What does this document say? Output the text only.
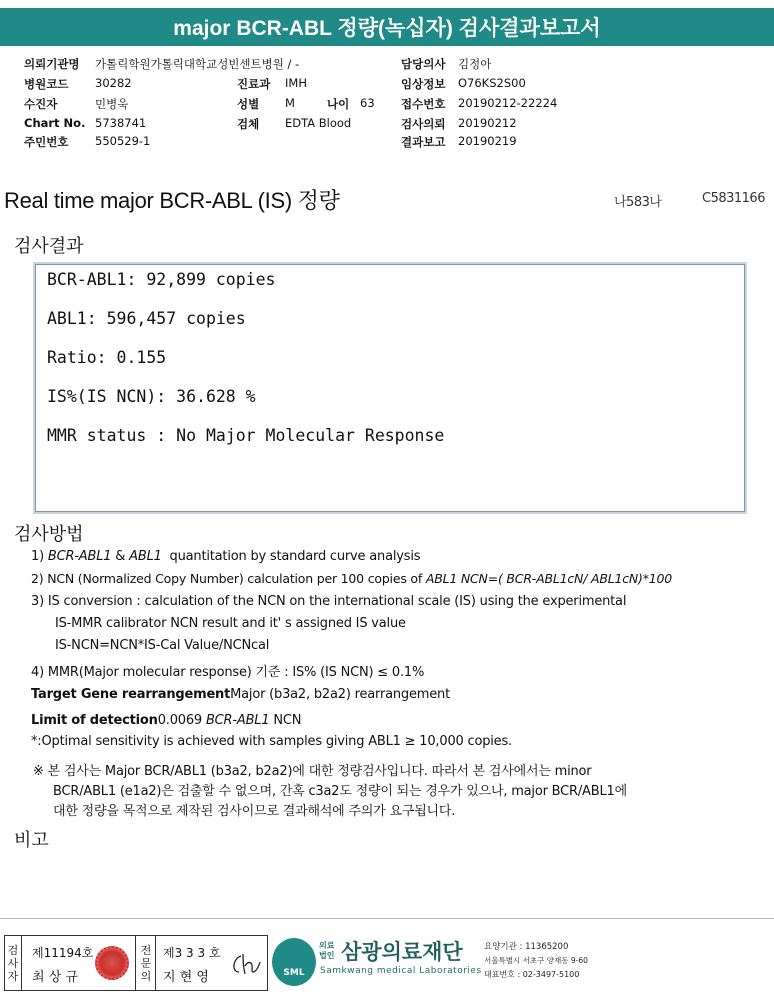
major BCR-ABL 정량(녹십자) 검사결과보고서
의뢰기관명 가톨릭학원가톨릭대학교성빈센트병원 / -	담당의사 김정아
병원코드 30282	진료과 IMH	임상정보 O76KS2S00
수진자	민병욱	성별 M	나이 63 접수번호 20190212-22224
Chart No. 5738741	검체 EDTA Blood	검사의뢰 20190212
주민번호 550529-1	결과보고 20190219
Real time major BCR-ABL (IS) 정량	나583나	C5831166
검사결과
BCR-ABL1: 92,899 copies
ABL1: 596,457 copies
Ratio: 0.155
IS%(IS NCN): 36.628 %
MMR status : No Major Molecular Response
검사방법
1) BCR-ABL1 & ABL1  quantitation by standard curve analysis
2) NCN (Normalized Copy Number) calculation per 100 copies of ABL1 NCN=( BCR-ABL1cN/ ABL1cN)*100
3) IS conversion : calculation of the NCN on the international scale (IS) using the experimental
IS-MMR calibrator NCN result and it' s assigned IS value
IS-NCN=NCN*IS-Cal Value/NCNcal
4) MMR(Major molecular response) 기준 : IS% (IS NCN) ≤ 0.1%
Target Gene rearrangementMajor (b3a2, b2a2) rearrangement
Limit of detection0.0069 BCR-ABL1 NCN
*:Optimal sensitivity is achieved with samples giving ABL1 ≥ 10,000 copies.
※ 본 검사는 Major BCR/ABL1 (b3a2, b2a2)에 대한 정량검사입니다. 따라서 본 검사에서는 minor
BCR/ABL1 (e1a2)은 검출할 수 없으며, 간혹 c3a2도 정량이 되는 경우가 있으나, major BCR/ABL1에
대한 정량을 목적으로 제작된 검사이므로 결과해석에 주의가 요구됩니다.
비고
검사자
제11194호
최 상 규
전문의
제3 3 3 호
지 현 영	SML
의료법인 삼광의료재단
Samkwang medical Laboratories
요양기관 : 11365200
서울특별시 서초구 양재동 9-60
대표번호 : 02-3497-5100
